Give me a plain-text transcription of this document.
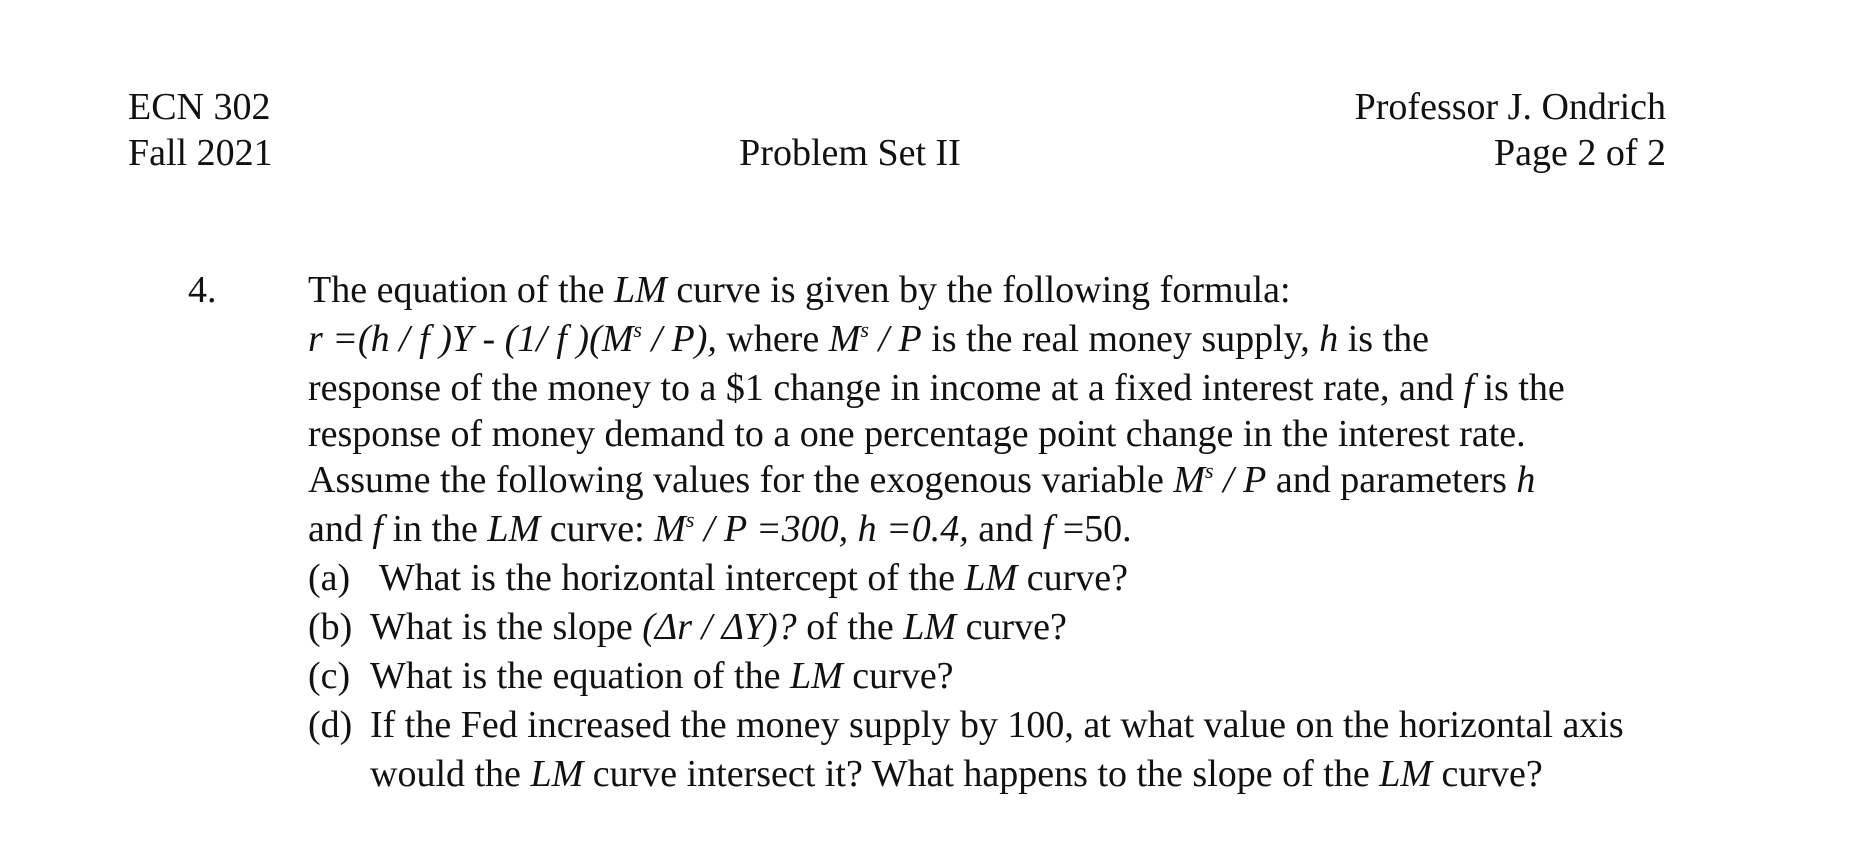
ECN 302
Fall 2021	Problem Set II
Professor J. Ondrich
Page 2 of 2
4. The equation of the LM curve is given by the following formula:
r =(h / f )Y - (1/ f )$(M^s / P)$, where $M^s$ / P is the real money supply, h is the
response of the money to a $1 change in income at a fixed interest rate, and f is the
response of money demand to a one percentage point change in the interest rate.
Assume the following values for the exogenous variable $M^s$ / P and parameters h
and f in the LM curve: $M^s / P =300$, h =0.4, and f =50.
(a) What is the horizontal intercept of the LM curve?
(b) What is the slope (Δr / ΔY)? of the LM curve?
(c) What is the equation of the LM curve?
(d) If the Fed increased the money supply by 100, at what value on the horizontal axis
would the LM curve intersect it? What happens to the slope of the LM curve?
